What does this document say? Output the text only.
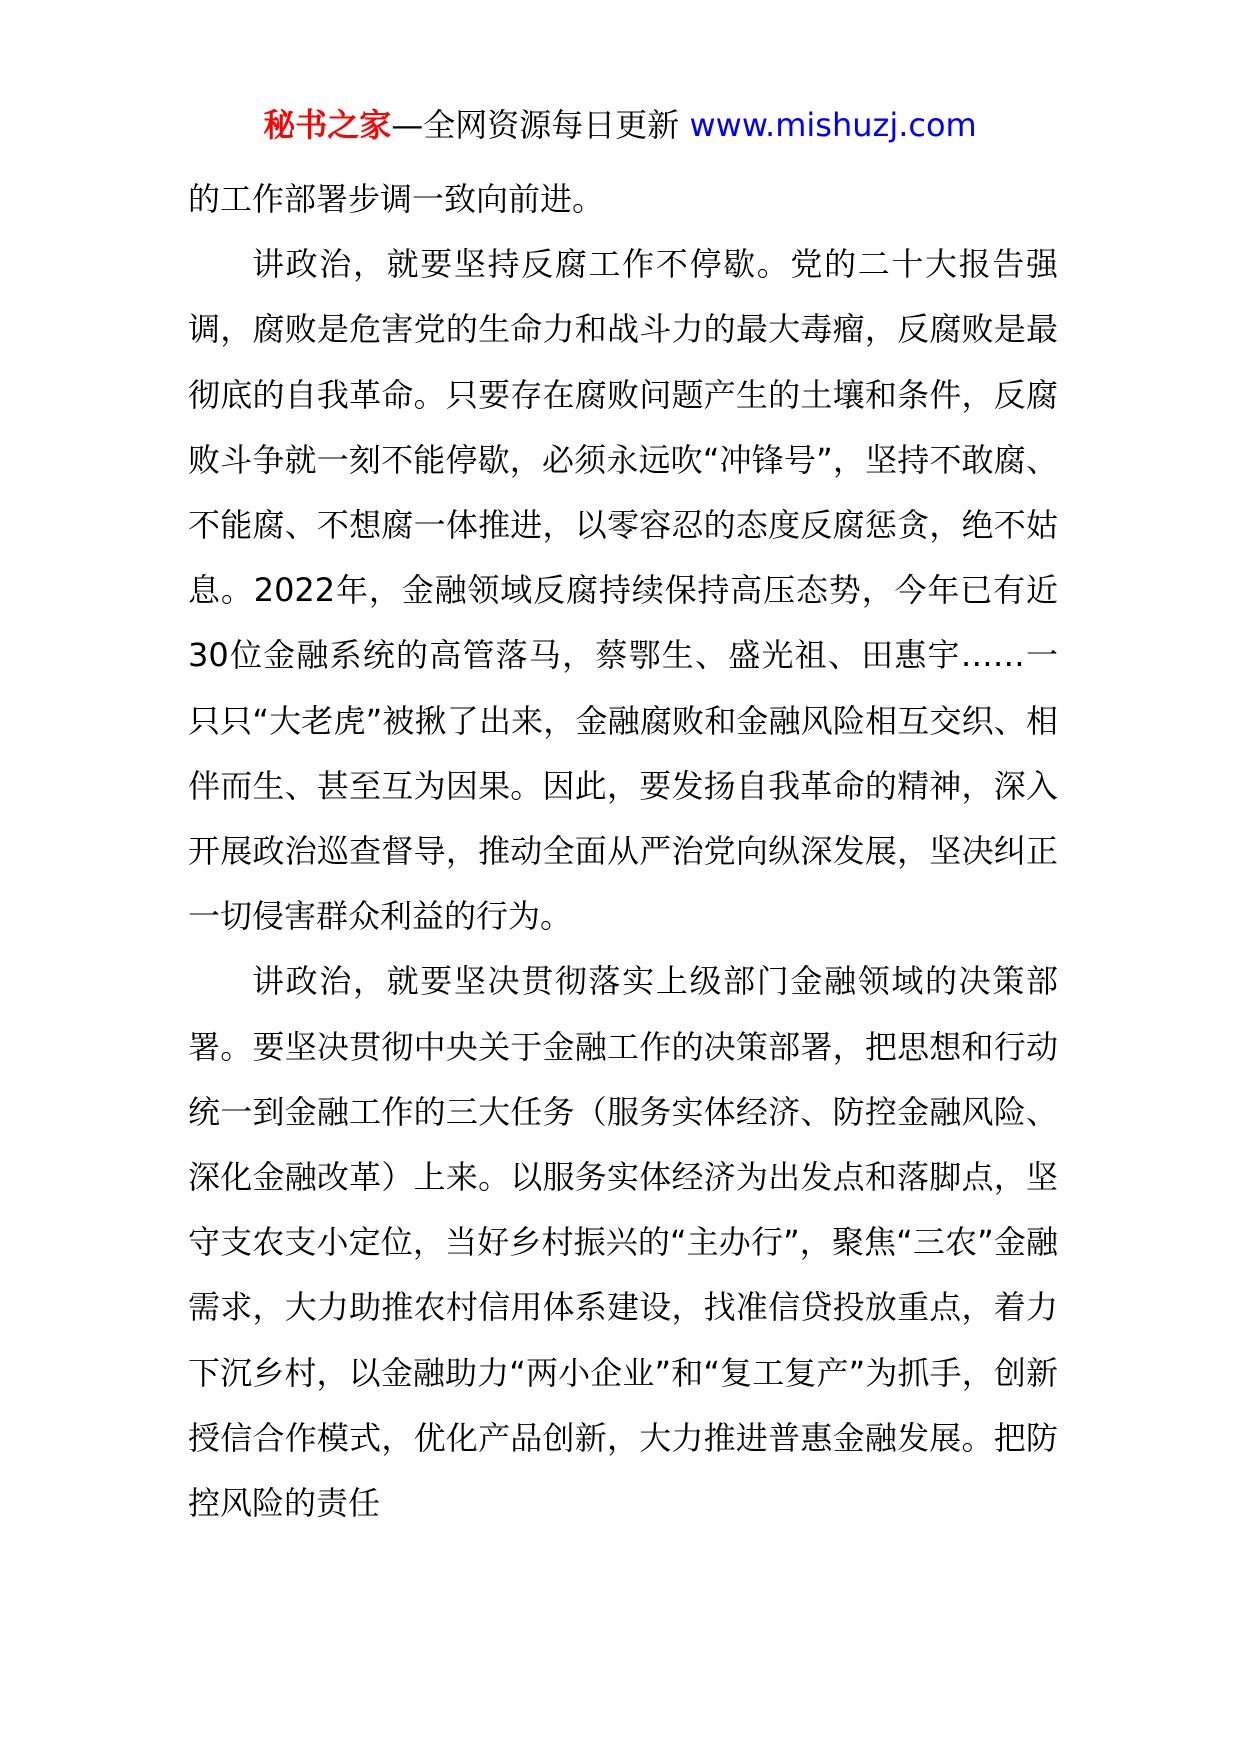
秘书之家—全网资源每日更新 www.mishuzj.com

的工作部署步调一致向前进。

讲政治，就要坚持反腐工作不停歇。党的二十大报告强调，腐败是危害党的生命力和战斗力的最大毒瘤，反腐败是最彻底的自我革命。只要存在腐败问题产生的土壤和条件，反腐败斗争就一刻不能停歇，必须永远吹“冲锋号”，坚持不敢腐、不能腐、不想腐一体推进，以零容忍的态度反腐惩贪，绝不姑息。2022年，金融领域反腐持续保持高压态势，今年已有近30位金融系统的高管落马，蔡鄂生、盛光祖、田惠宇……一只只“大老虎”被揪了出来，金融腐败和金融风险相互交织、相伴而生、甚至互为因果。因此，要发扬自我革命的精神，深入开展政治巡查督导，推动全面从严治党向纵深发展，坚决纠正一切侵害群众利益的行为。

讲政治，就要坚决贯彻落实上级部门金融领域的决策部署。要坚决贯彻中央关于金融工作的决策部署，把思想和行动统一到金融工作的三大任务（服务实体经济、防控金融风险、深化金融改革）上来。以服务实体经济为出发点和落脚点，坚守支农支小定位，当好乡村振兴的“主办行”，聚焦“三农”金融需求，大力助推农村信用体系建设，找准信贷投放重点，着力下沉乡村，以金融助力“两小企业”和“复工复产”为抓手，创新授信合作模式，优化产品创新，大力推进普惠金融发展。把防控风险的责任
